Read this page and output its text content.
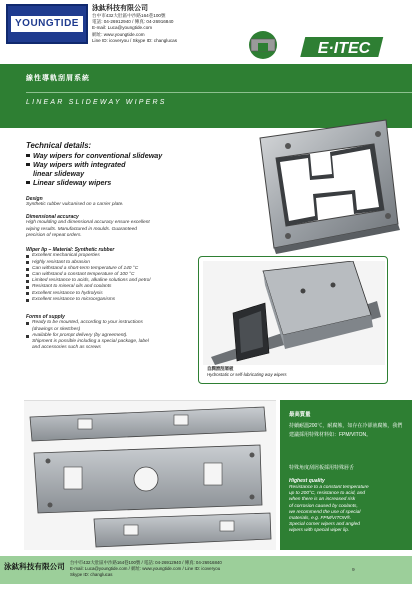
YOUNGTIDE
泳鈦科技有限公司
台中市432大肚區中沙路164巷100號
電話: 04-26912940 / 傳真: 04-26916840
E-mail: Luca@youngtide.com
網址: www.youngtide.com
Line ID: icoveryou / Skype ID: changlucas	E·ITEC
線性導軌刮屑系統
LINEAR SLIDEWAY WIPERS
Technical details:
Way wipers for conventional slideway
Way wipers with integrated
linear slideway
Linear slideway wipers
Design
Synthetic rubber vulcanised on a carrier plate.
Dimensional accuracy
High moulding and dimensional accuracy ensure excellent
wiping results. Manufactured in moulds. Guaranteed
precision of repeat orders.
Wiper lip – Material: Synthetic rubber
Excellent mechanical properties
Highly resistant to abrasion
Can withstand a short-term temperature of 140 °C
Can withstand a constant temperature of 100 °C
Limited resistance to acids, alkaline solutions and petrol
Resistant to mineral oils and coolants
Excellent resistance to hydrolysis
Excellent resistance to microorganisms
Forms of supply
Ready to be mounted, according to your instructions
(drawings or sketches)
Available for prompt delivery (by agreement).
Shipment is possible including a special package, label
and accessories such as screws
自潤滑刮屑板
Hydrostatic or self-lubricating way wipers
最高質量
持續耐溫200℃，耐腐蝕，如存在冷卻液腐蝕，我們建議採用特殊材料如：FPM/VITON。
特殊角度刮屑板採用特殊唇舌
Highest quality
Resistance to a constant temperature
up to 200°C, resistance to acid, and
when there is an increased risk
of corrosion caused by coolants,
we recommend the use of special
materials, e.g. FPM/VITON®.
Special corner wipers and angled
wipers with special wiper lip.
泳鈦科技有限公司 台中市432大肚區中沙路164巷100號 / 電話: 04-26912940 / 傳真: 04-26916840
E-mail: Luca@youngtide.com / 網址: www.youngtide.com / Line ID: icoveryou
Skype ID: changlucas
9
